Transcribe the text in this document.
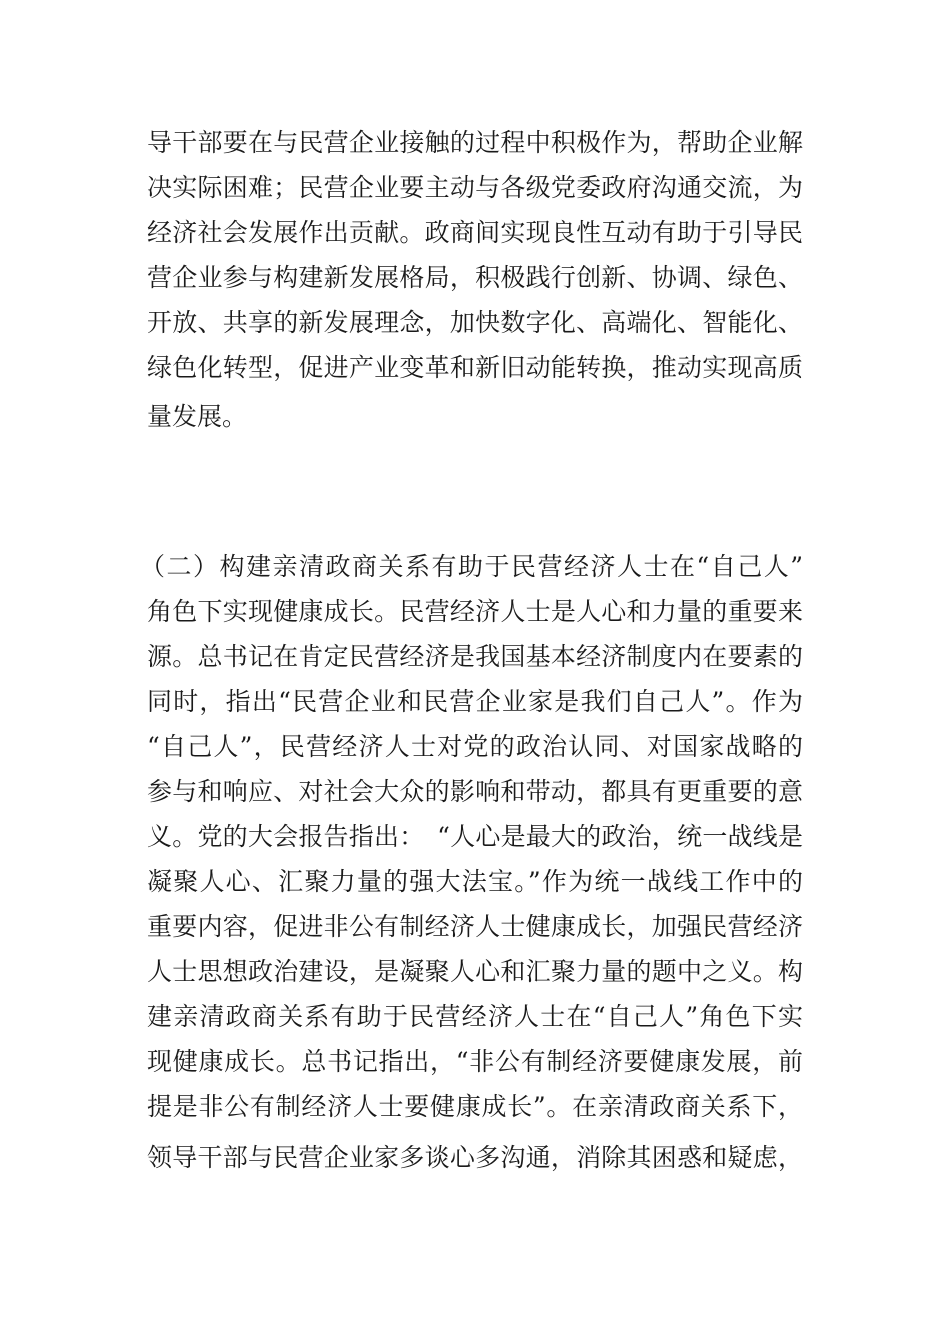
导干部要在与民营企业接触的过程中积极作为，帮助企业解
决实际困难；民营企业要主动与各级党委政府沟通交流，为
经济社会发展作出贡献。政商间实现良性互动有助于引导民
营企业参与构建新发展格局，积极践行创新、协调、绿色、
开放、共享的新发展理念，加快数字化、高端化、智能化、
绿色化转型，促进产业变革和新旧动能转换，推动实现高质
量发展。
（二）构建亲清政商关系有助于民营经济人士在“自己人”
角色下实现健康成长。民营经济人士是人心和力量的重要来
源。总书记在肯定民营经济是我国基本经济制度内在要素的
同时，指出“民营企业和民营企业家是我们自己人”。作为
“自己人”，民营经济人士对党的政治认同、对国家战略的
参与和响应、对社会大众的影响和带动，都具有更重要的意
义。党的大会报告指出：　“人心是最大的政治，统一战线是
凝聚人心、汇聚力量的强大法宝。”作为统一战线工作中的
重要内容，促进非公有制经济人士健康成长，加强民营经济
人士思想政治建设，是凝聚人心和汇聚力量的题中之义。构
建亲清政商关系有助于民营经济人士在“自己人”角色下实
现健康成长。总书记指出，“非公有制经济要健康发展，前
提是非公有制经济人士要健康成长”。在亲清政商关系下，
领导干部与民营企业家多谈心多沟通，消除其困惑和疑虑，
